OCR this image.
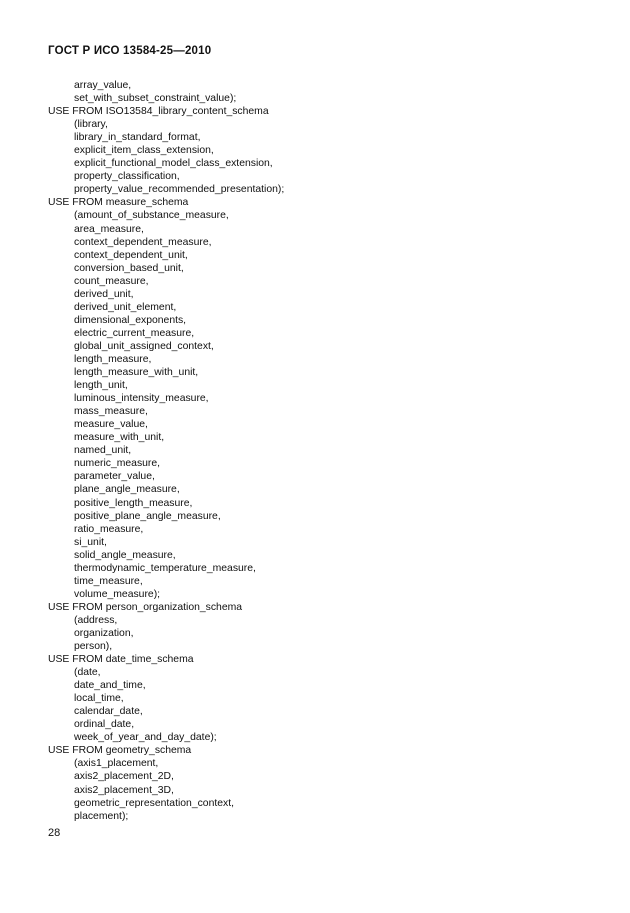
ГОСТ Р ИСО 13584-25—2010
array_value,
set_with_subset_constraint_value);
USE FROM ISO13584_library_content_schema
(library,
library_in_standard_format,
explicit_item_class_extension,
explicit_functional_model_class_extension,
property_classification,
property_value_recommended_presentation);
USE FROM measure_schema
(amount_of_substance_measure,
area_measure,
context_dependent_measure,
context_dependent_unit,
conversion_based_unit,
count_measure,
derived_unit,
derived_unit_element,
dimensional_exponents,
electric_current_measure,
global_unit_assigned_context,
length_measure,
length_measure_with_unit,
length_unit,
luminous_intensity_measure,
mass_measure,
measure_value,
measure_with_unit,
named_unit,
numeric_measure,
parameter_value,
plane_angle_measure,
positive_length_measure,
positive_plane_angle_measure,
ratio_measure,
si_unit,
solid_angle_measure,
thermodynamic_temperature_measure,
time_measure,
volume_measure);
USE FROM person_organization_schema
(address,
organization,
person),
USE FROM date_time_schema
(date,
date_and_time,
local_time,
calendar_date,
ordinal_date,
week_of_year_and_day_date);
USE FROM geometry_schema
(axis1_placement,
axis2_placement_2D,
axis2_placement_3D,
geometric_representation_context,
placement);
28
